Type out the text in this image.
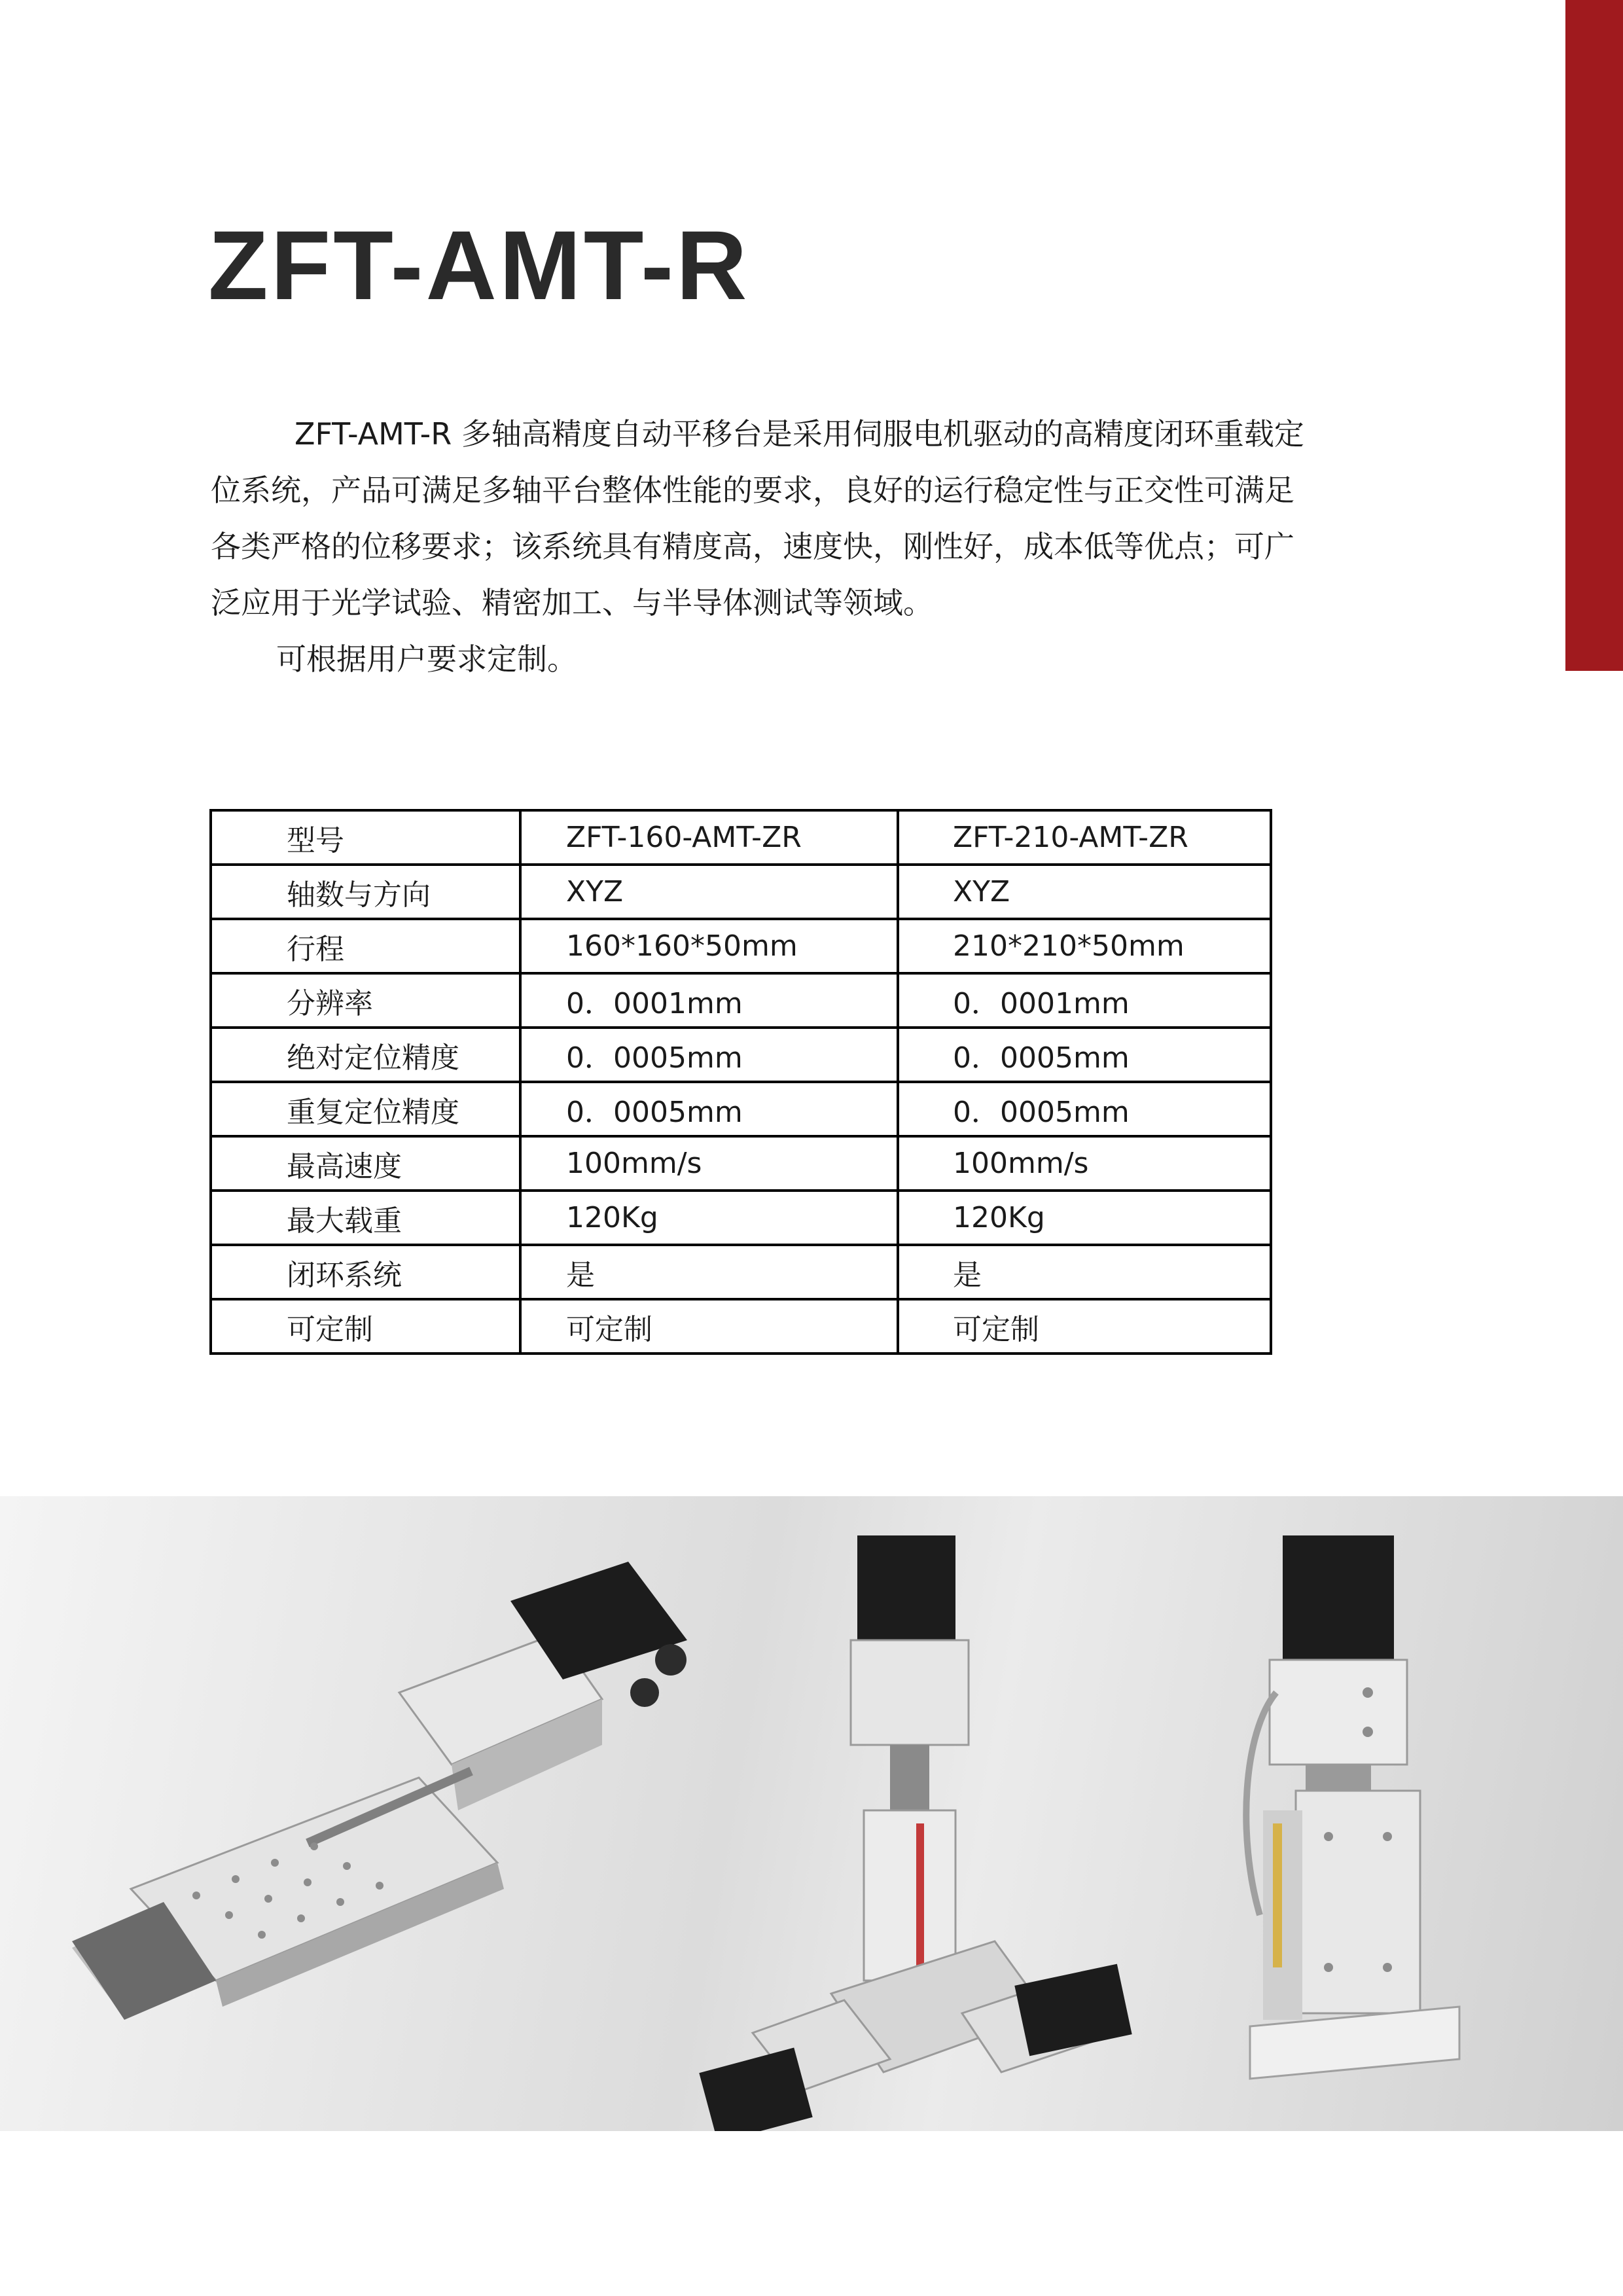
ZFT-AMT-R

ZFT-AMT-R 多轴高精度自动平移台是采用伺服电机驱动的高精度闭环重载定位系统，产品可满足多轴平台整体性能的要求，良好的运行稳定性与正交性可满足各类严格的位移要求；该系统具有精度高，速度快，刚性好，成本低等优点；可广泛应用于光学试验、精密加工、与半导体测试等领域。

可根据用户要求定制。

型号	ZFT-160-AMT-ZR	ZFT-210-AMT-ZR
轴数与方向	XYZ	XYZ
行程	160*160*50mm	210*210*50mm
分辨率	0．0001mm	0．0001mm
绝对定位精度	0．0005mm	0．0005mm
重复定位精度	0．0005mm	0．0005mm
最高速度	100mm/s	100mm/s
最大载重	120Kg	120Kg
闭环系统	是	是
可定制	可定制	可定制
